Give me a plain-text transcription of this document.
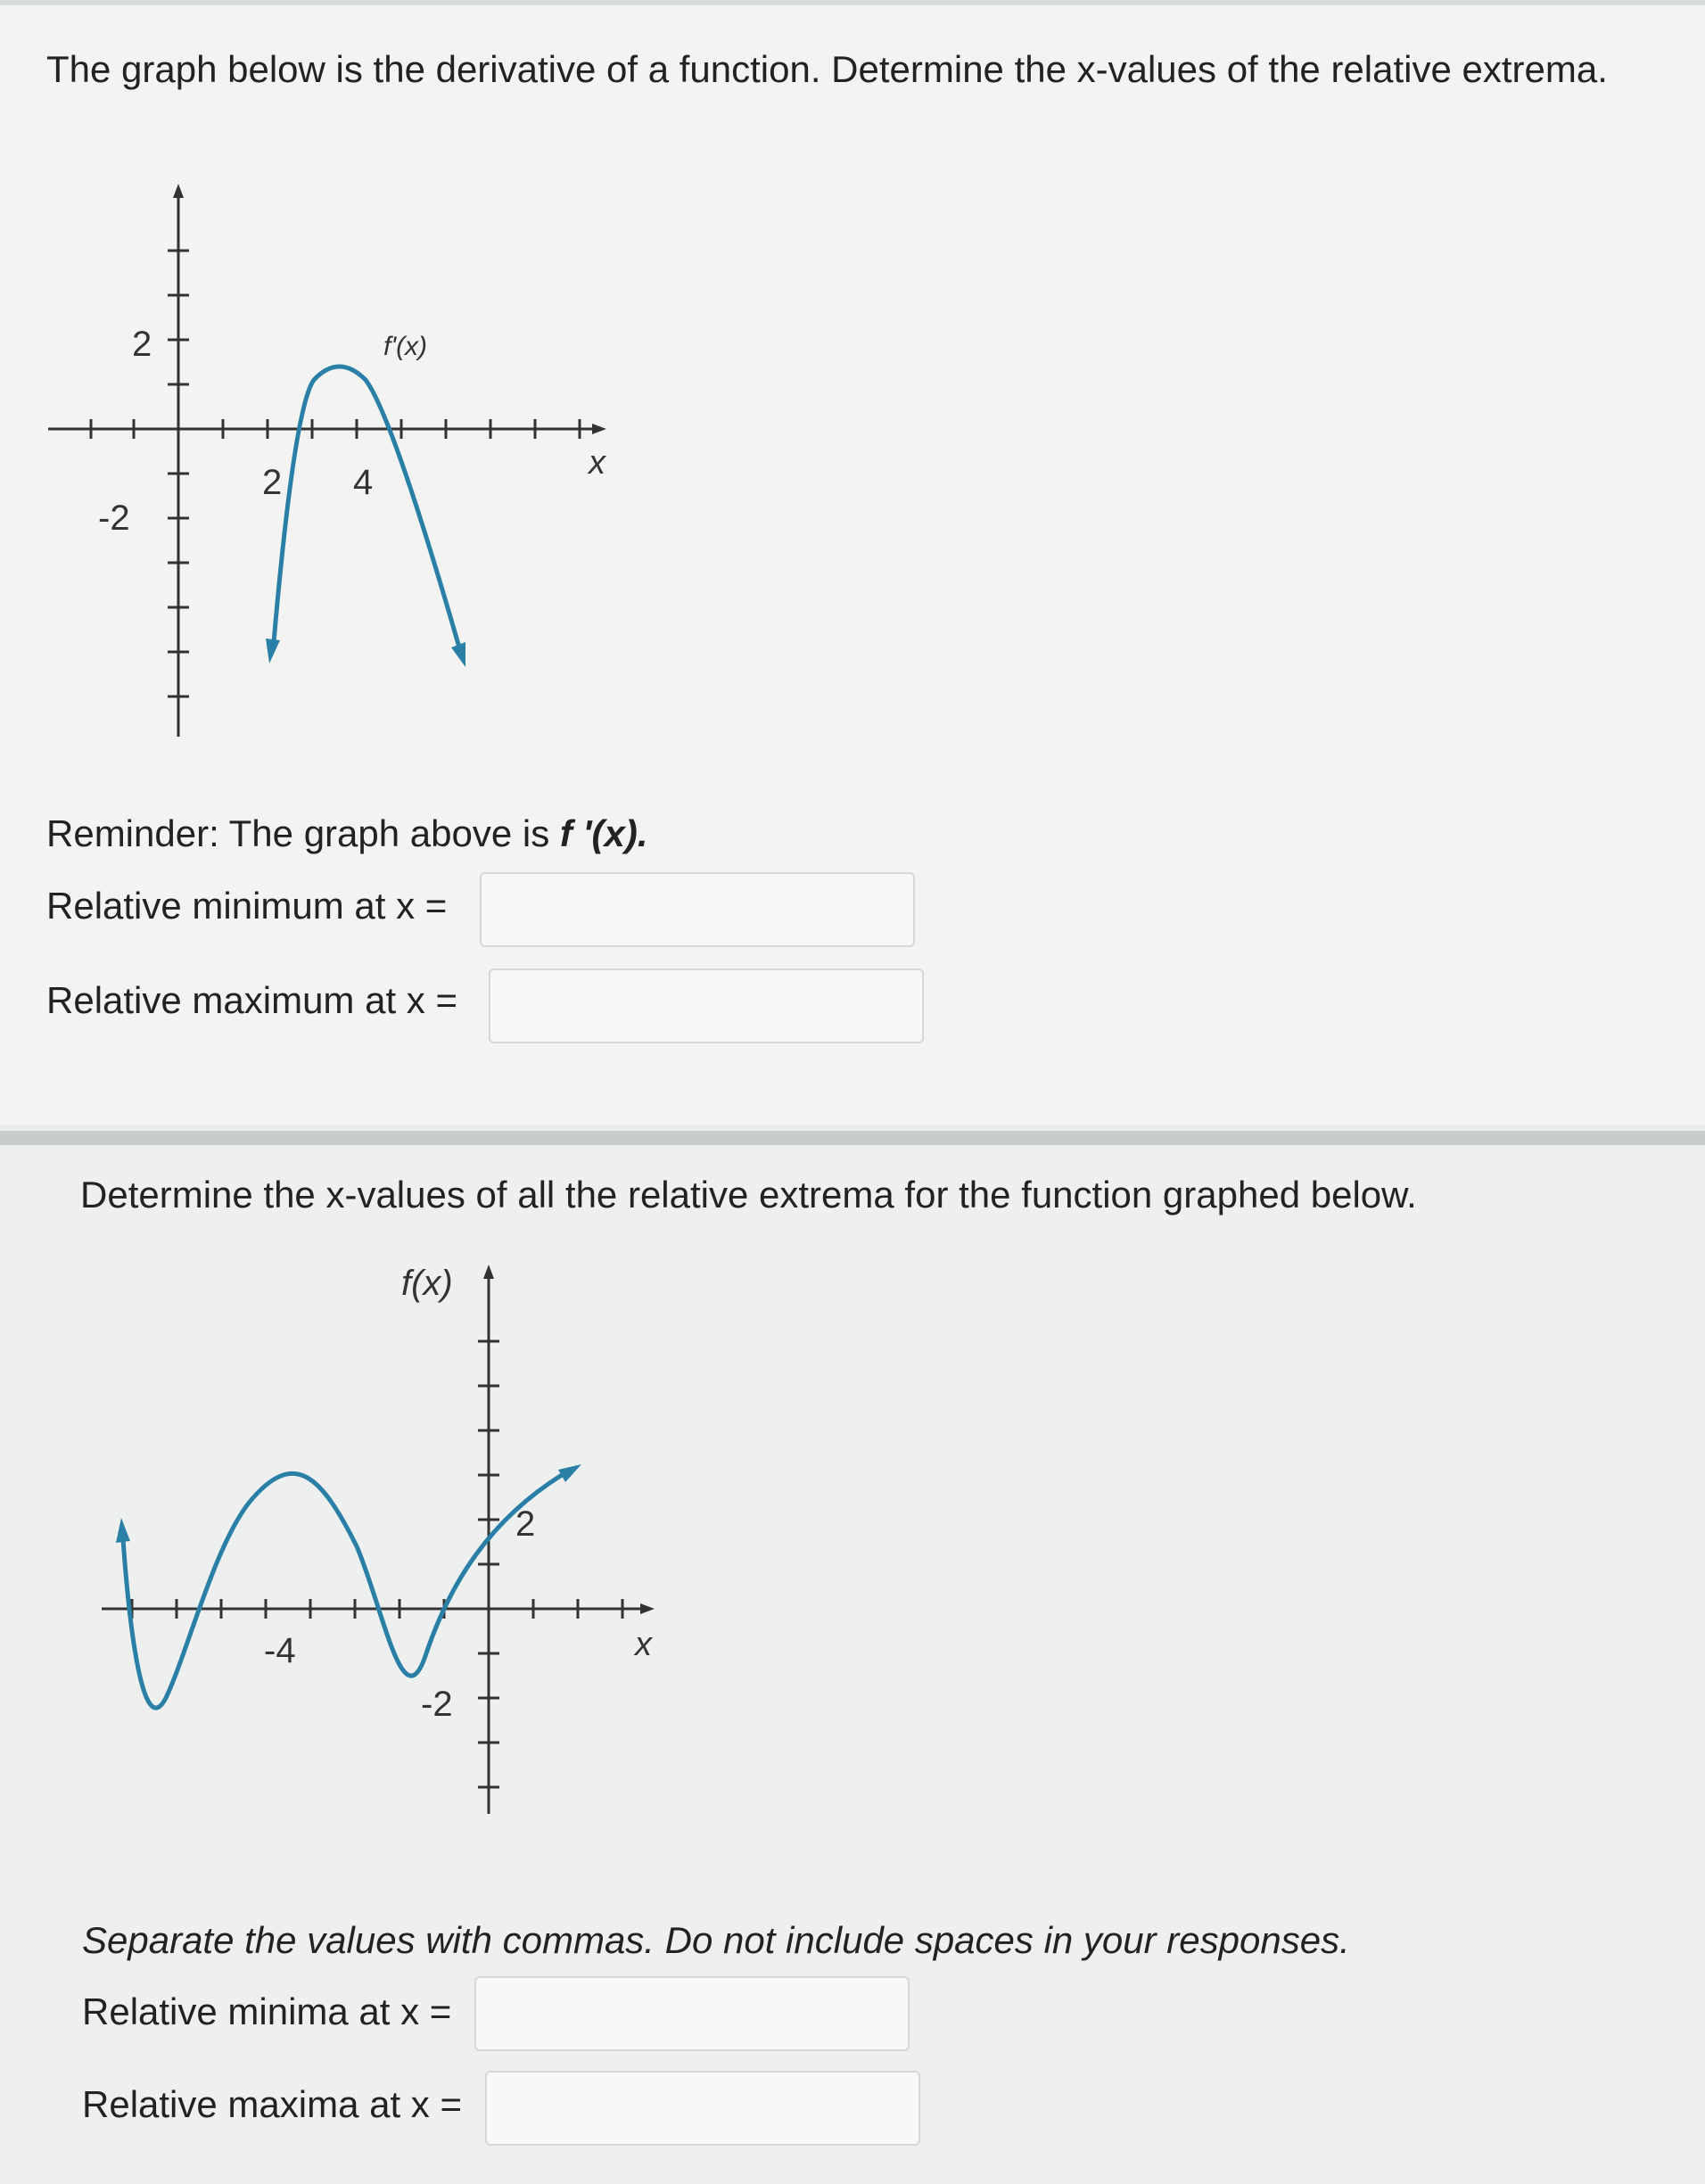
The graph below is the derivative of a function. Determine the x-values of the relative extrema.
2
-2
2 4	x
f'(x)
Reminder: The graph above is f '(x).
Relative minimum at x =
Relative maximum at x =
Determine the x-values of all the relative extrema for the function graphed below.
-4
-2
2
x
f(x)
Separate the values with commas. Do not include spaces in your responses.
Relative minima at x =
Relative maxima at x =
